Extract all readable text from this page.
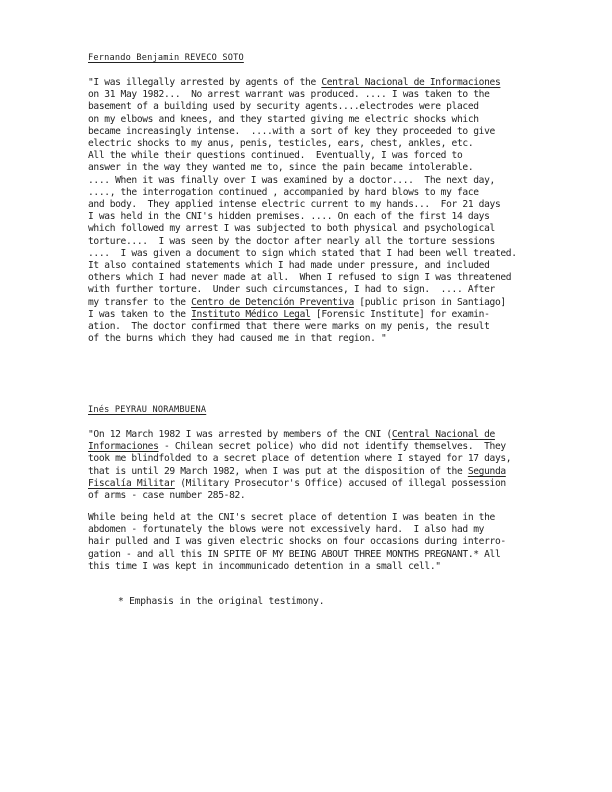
Fernando Benjamin REVECO SOTO
"I was illegally arrested by agents of the Central Nacional de Informaciones
on 31 May 1982...  No arrest warrant was produced. .... I was taken to the
basement of a building used by security agents....electrodes were placed
on my elbows and knees, and they started giving me electric shocks which
became increasingly intense.  ....with a sort of key they proceeded to give
electric shocks to my anus, penis, testicles, ears, chest, ankles, etc.
All the while their questions continued.  Eventually, I was forced to
answer in the way they wanted me to, since the pain became intolerable.
.... When it was finally over I was examined by a doctor....  The next day,
...., the interrogation continued , accompanied by hard blows to my face
and body.  They applied intense electric current to my hands...  For 21 days
I was held in the CNI's hidden premises. .... On each of the first 14 days
which followed my arrest I was subjected to both physical and psychological
torture....  I was seen by the doctor after nearly all the torture sessions
....  I was given a document to sign which stated that I had been well treated.
It also contained statements which I had made under pressure, and included
others which I had never made at all.  When I refused to sign I was threatened
with further torture.  Under such circumstances, I had to sign.  .... After
my transfer to the Centro de Detención Preventiva [public prison in Santiago]
I was taken to the Instituto Médico Legal [Forensic Institute] for examin-
ation.  The doctor confirmed that there were marks on my penis, the result
of the burns which they had caused me in that region. "
Inés PEYRAU NORAMBUENA
"On 12 March 1982 I was arrested by members of the CNI (Central Nacional de
Informaciones - Chilean secret police) who did not identify themselves.  They
took me blindfolded to a secret place of detention where I stayed for 17 days,
that is until 29 March 1982, when I was put at the disposition of the Segunda
Fiscalía Militar (Military Prosecutor's Office) accused of illegal possession
of arms - case number 285-82.
While being held at the CNI's secret place of detention I was beaten in the
abdomen - fortunately the blows were not excessively hard.  I also had my
hair pulled and I was given electric shocks on four occasions during interro-
gation - and all this IN SPITE OF MY BEING ABOUT THREE MONTHS PREGNANT.* All
this time I was kept in incommunicado detention in a small cell."
* Emphasis in the original testimony.
